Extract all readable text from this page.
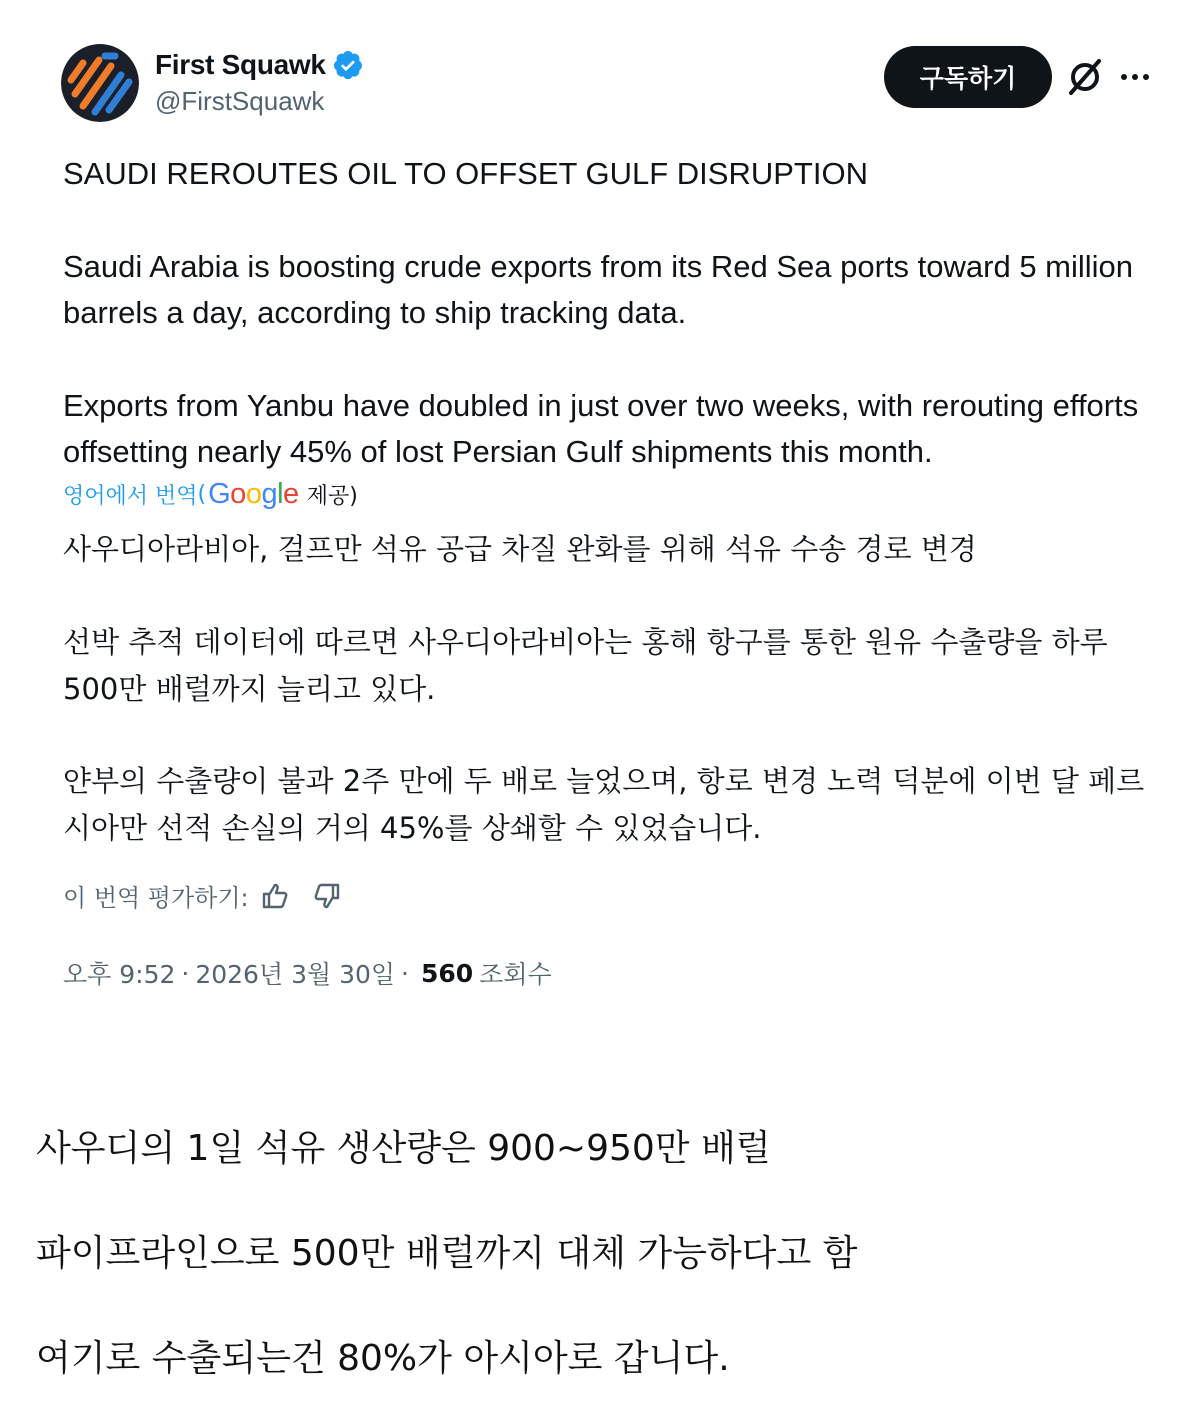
First Squawk
@FirstSquawk
구독하기

SAUDI REROUTES OIL TO OFFSET GULF DISRUPTION

Saudi Arabia is boosting crude exports from its Red Sea ports toward 5 million barrels a day, according to ship tracking data.

Exports from Yanbu have doubled in just over two weeks, with rerouting efforts offsetting nearly 45% of lost Persian Gulf shipments this month.

영어에서 번역 ( Google 제공)

사우디아라비아, 걸프만 석유 공급 차질 완화를 위해 석유 수송 경로 변경

선박 추적 데이터에 따르면 사우디아라비아는 홍해 항구를 통한 원유 수출량을 하루 500만 배럴까지 늘리고 있다.

얀부의 수출량이 불과 2주 만에 두 배로 늘었으며, 항로 변경 노력 덕분에 이번 달 페르시아만 선적 손실의 거의 45%를 상쇄할 수 있었습니다.

이 번역 평가하기:
오후 9:52 · 2026년 3월 30일 · 560 조회수

사우디의 1일 석유 생산량은 900~950만 배럴

파이프라인으로 500만 배럴까지 대체 가능하다고 함

여기로 수출되는건 80%가 아시아로 갑니다.
